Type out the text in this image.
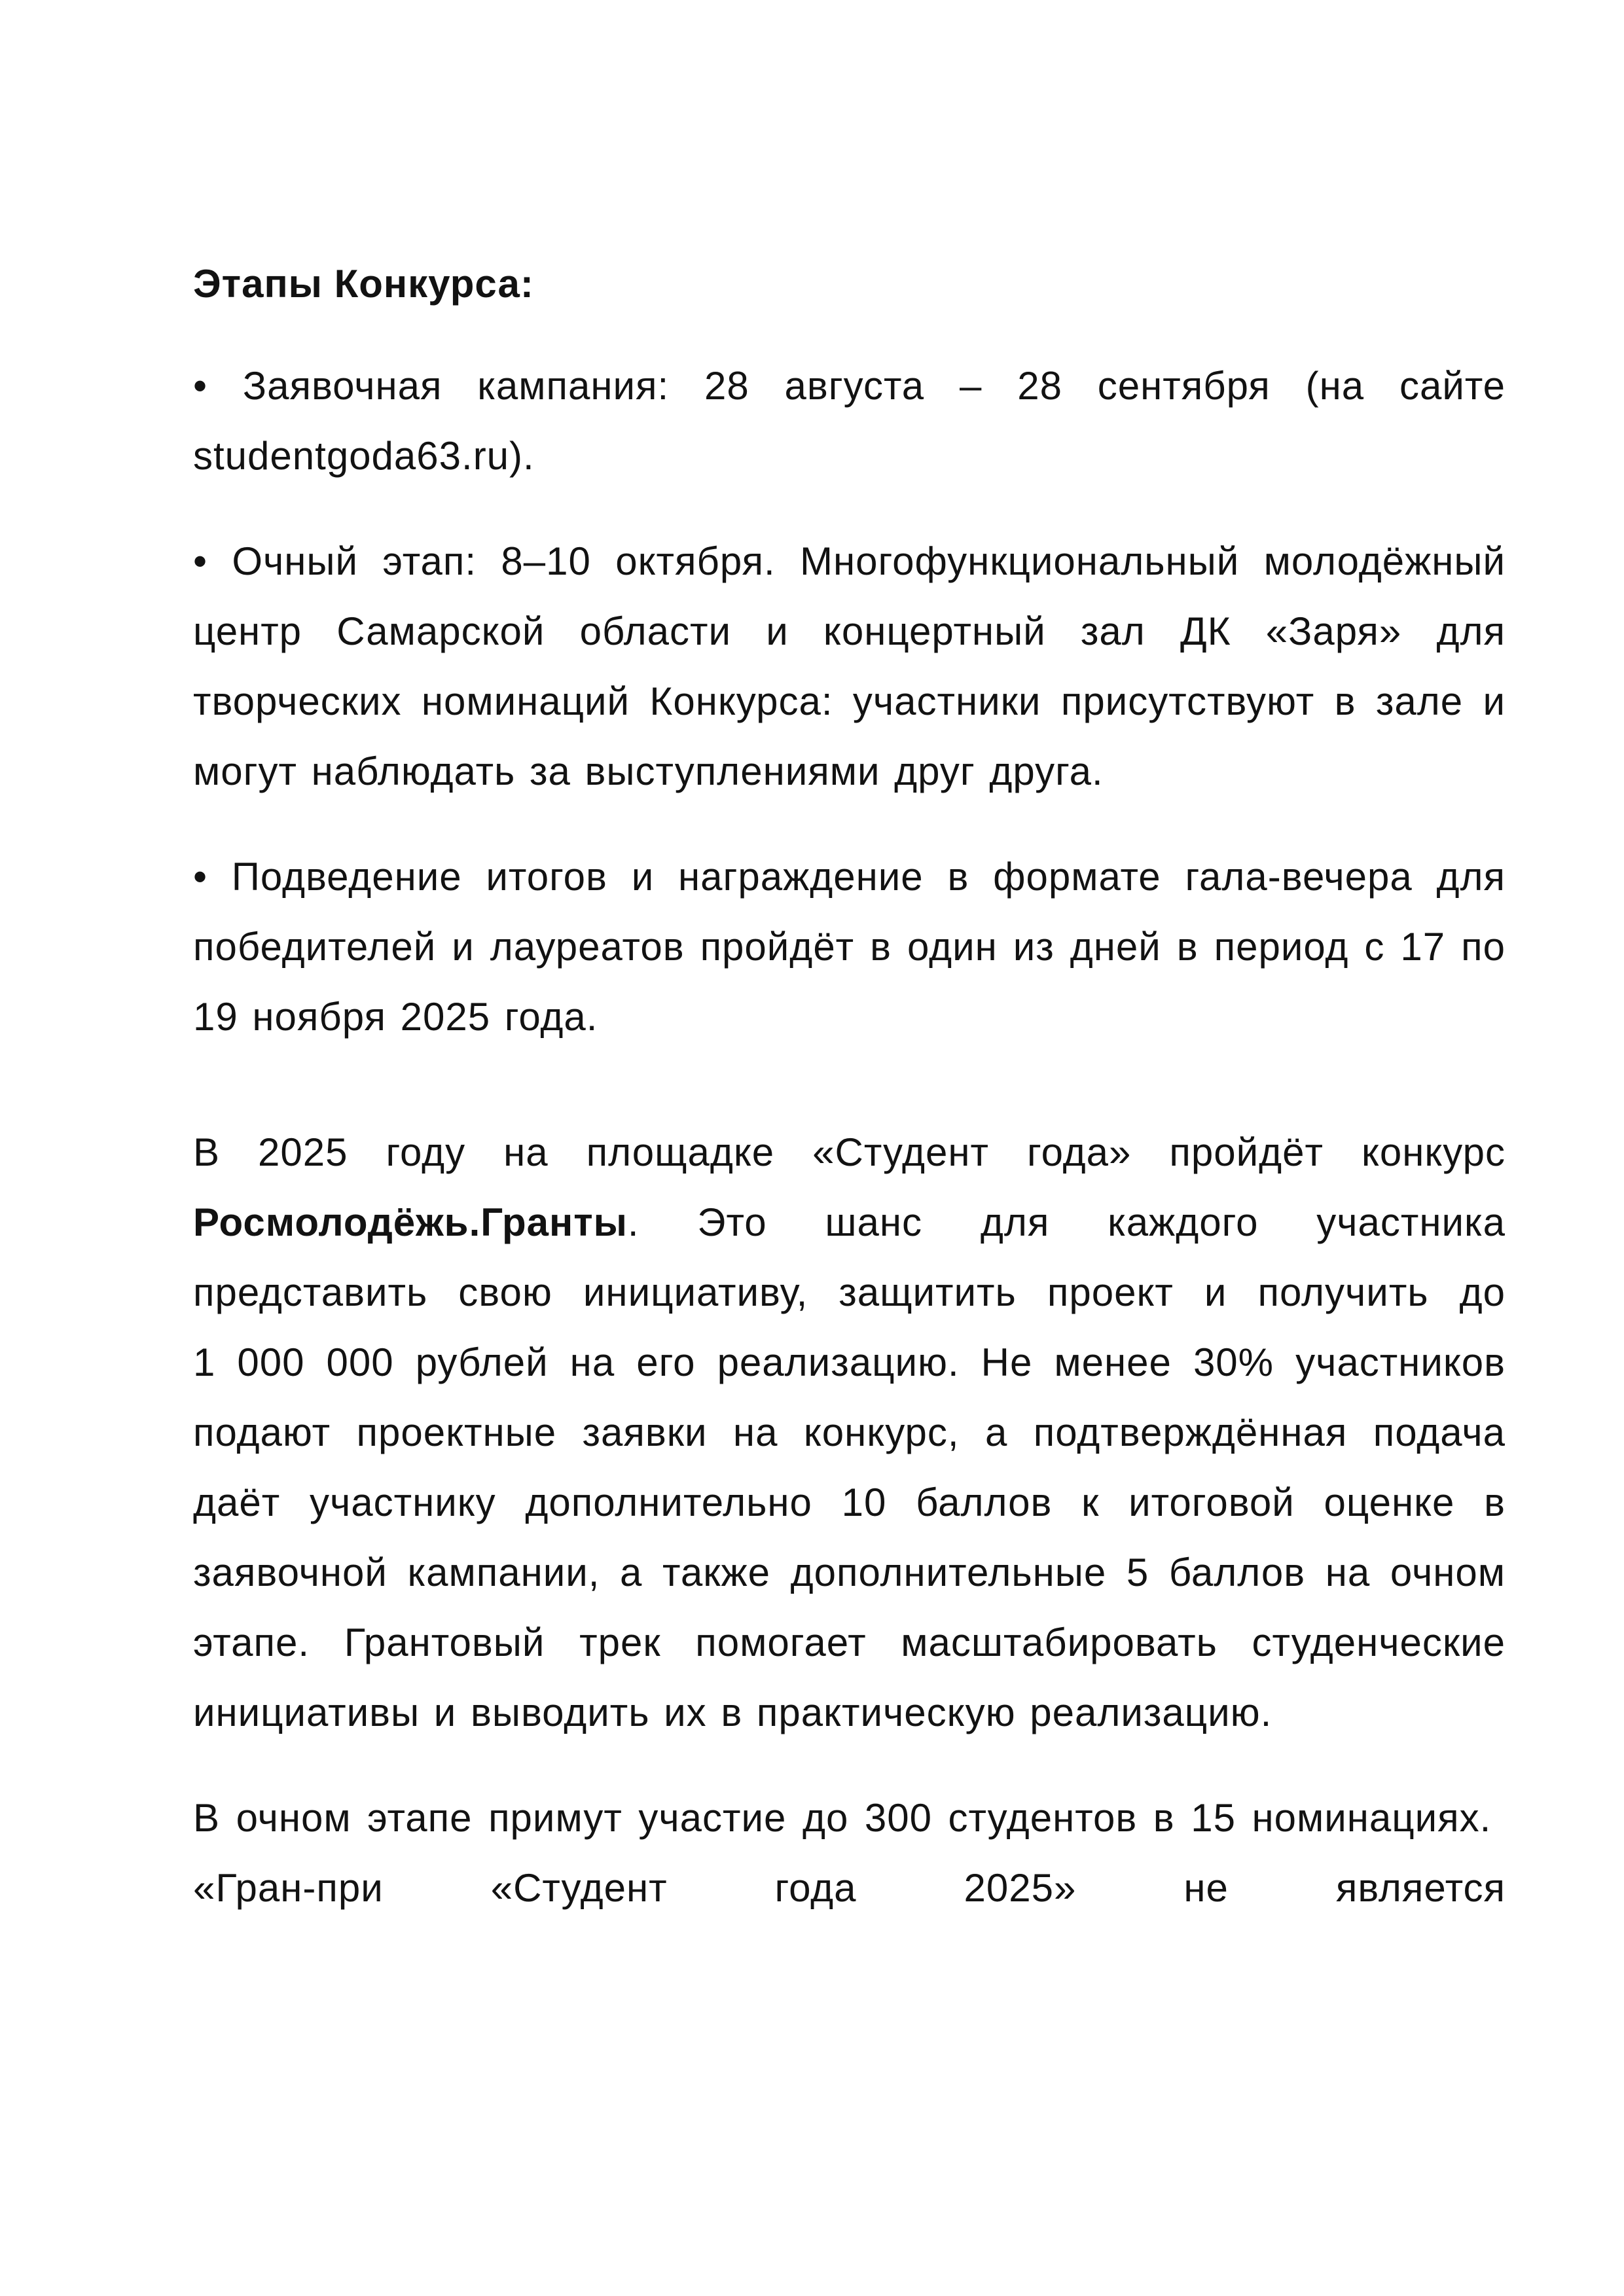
Этапы Конкурса:

• Заявочная кампания: 28 августа – 28 сентября (на сайте studentgoda63.ru).

• Очный этап: 8–10 октября. Многофункциональный молодёжный центр Самарской области и концертный зал ДК «Заря» для творческих номинаций Конкурса: участники присутствуют в зале и могут наблюдать за выступлениями друг друга.

• Подведение итогов и награждение в формате гала-вечера для победителей и лауреатов пройдёт в один из дней в период с 17 по 19 ноября 2025 года.

В 2025 году на площадке «Студент года» пройдёт конкурс Росмолодёжь.Гранты. Это шанс для каждого участника представить свою инициативу, защитить проект и получить до 1 000 000 рублей на его реализацию. Не менее 30% участников подают проектные заявки на конкурс, а подтверждённая подача даёт участнику дополнительно 10 баллов к итоговой оценке в заявочной кампании, а также дополнительные 5 баллов на очном этапе. Грантовый трек помогает масштабировать студенческие инициативы и выводить их в практическую реализацию.

В очном этапе примут участие до 300 студентов в 15 номинациях.  «Гран-при «Студент года 2025» не является
